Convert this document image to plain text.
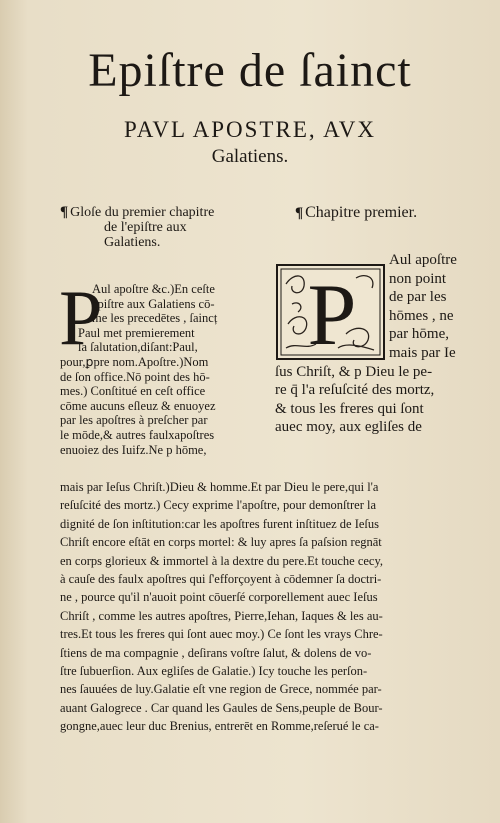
Epiſtre de ſainct
PAVL APOSTRE, AVX
Galatiens.
¶ Gloſe du premier chapitre
de l'epiſtre aux
Galatiens.
¶ Chapitre premier.
P
Aul apoſtre &c.)En ceſte
epiſtre aux Galatiens cō-
me les precedētes , ſaincț
Paul met premierement
ſa ſalutation,diſant:Paul,
pour,ꝑpre nom.Apoſtre.)Nom
de ſon office.Nō point des hō-
mes.) Conſtitué en ceſt office
cōme aucuns eſleuz & enuoyez
par les apoſtres à preſcher par
le mōde,& autres faulxapoſtres
enuoiez des Iuifz.Ne p hōme,
P
Aul apoſtre
non point
de par les
hōmes , ne
par hōme,
mais par Ie
ſus Chriſt, & p Dieu le pe-
re q̄ l'a reſuſcité des mortz,
& tous les freres qui ſont
auec moy, aux egliſes de
mais par Ieſus Chriſt.)Dieu & homme.Et par Dieu le pere,qui l'a
reſuſcité des mortz.) Cecy exprime l'apoſtre, pour demonſtrer la
dignité de ſon inſtitution:car les apoſtres furent inſtituez de Ieſus
Chriſt encore eſtāt en corps mortel: & luy apres ſa paſsion regnāt
en corps glorieux & immortel à la dextre du pere.Et touche cecy,
à cauſe des faulx apoſtres qui ſ'efforçoyent à cōdemner ſa doctri-
ne , pource qu'il n'auoit point cōuerſé corporellement auec Ieſus
Chriſt , comme les autres apoſtres, Pierre,Iehan, Iaques & les au-
tres.Et tous les freres qui ſont auec moy.) Ce ſont les vrays Chre-
ſtiens de ma compagnie , deſirans voſtre ſalut, & dolens de vo-
ſtre ſubuerſion. Aux egliſes de Galatie.) Icy touche les perſon-
nes ſauuées de luy.Galatie eſt vne region de Grece, nommée par-
auant Galogrece . Car quand les Gaules de Sens,peuple de Bour-
gongne,auec leur duc Brenius, entrerēt en Romme,reſerué le ca-
